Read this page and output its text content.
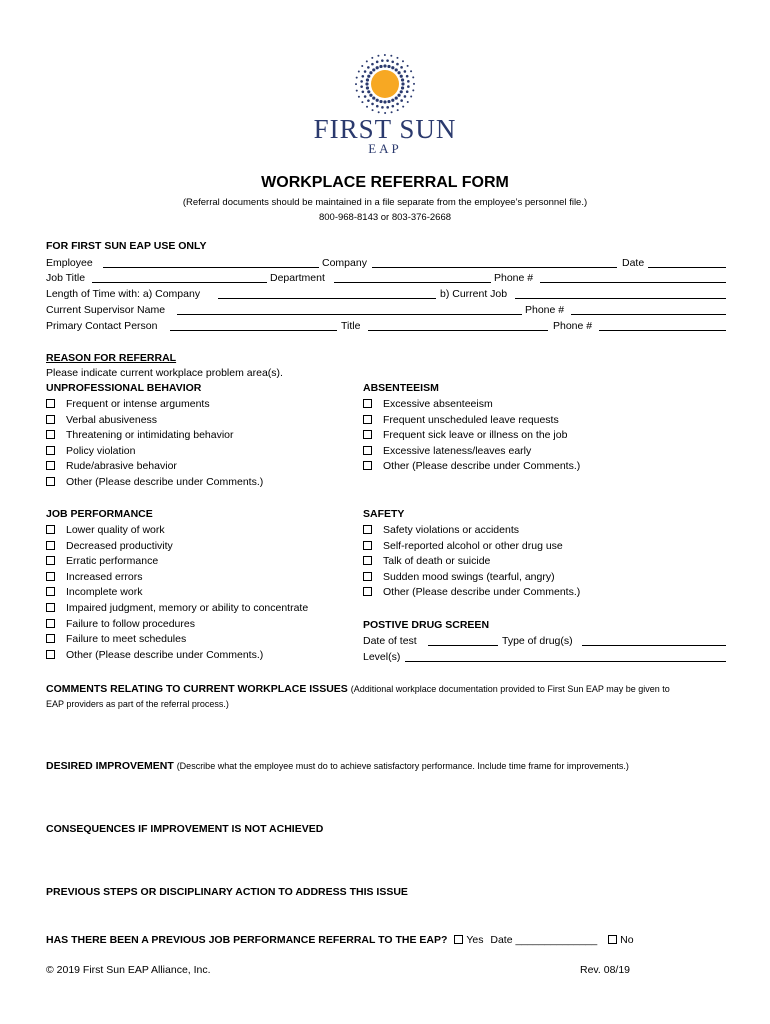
FIRST SUN
EAP
WORKPLACE REFERRAL FORM
(Referral documents should be maintained in a file separate from the employee’s personnel file.)
800-968-8143 or 803-376-2668
FOR FIRST SUN EAP USE ONLY
Employee	Company	Date
Job Title	Department	Phone #
Length of Time with: a) Company	b) Current Job
Current Supervisor Name	Phone #
Primary Contact Person	Title	Phone #
REASON FOR REFERRAL
Please indicate current workplace problem area(s).
UNPROFESSIONAL BEHAVIOR
Frequent or intense arguments
Verbal abusiveness
Threatening or intimidating behavior
Policy violation
Rude/abrasive behavior
Other (Please describe under Comments.)
ABSENTEEISM
Excessive absenteeism
Frequent unscheduled leave requests
Frequent sick leave or illness on the job
Excessive lateness/leaves early
Other (Please describe under Comments.)
JOB PERFORMANCE
Lower quality of work
Decreased productivity
Erratic performance
Increased errors
Incomplete work
Impaired judgment, memory or ability to concentrate
Failure to follow procedures
Failure to meet schedules
Other (Please describe under Comments.)
SAFETY
Safety violations or accidents
Self-reported alcohol or other drug use
Talk of death or suicide
Sudden mood swings (tearful, angry)
Other (Please describe under Comments.)
POSTIVE DRUG SCREEN
Date of test	Type of drug(s)
Level(s)
COMMENTS RELATING TO CURRENT WORKPLACE ISSUES (Additional workplace documentation provided to First Sun EAP may be given to
EAP providers as part of the referral process.)
DESIRED IMPROVEMENT (Describe what the employee must do to achieve satisfactory performance. Include time frame for improvements.)
CONSEQUENCES IF IMPROVEMENT IS NOT ACHIEVED
PREVIOUS STEPS OR DISCIPLINARY ACTION TO ADDRESS THIS ISSUE
HAS THERE BEEN A PREVIOUS JOB PERFORMANCE REFERRAL TO THE EAP? Yes Date ______________ No
© 2019 First Sun EAP Alliance, Inc.	Rev. 08/19
